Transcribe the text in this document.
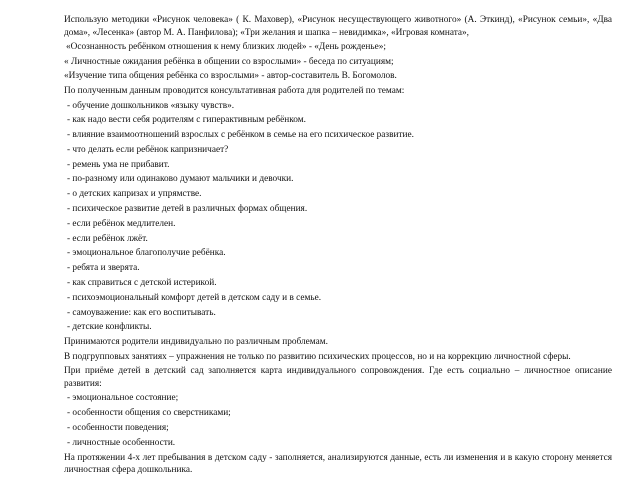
Использую методики «Рисунок человека» ( К. Маховер), «Рисунок несуществующего животного» (А. Эткинд), «Рисунок семьи», «Два дома», «Лесенка» (автор М. А. Панфилова); «Три желания и шапка – невидимка», «Игровая комната»,

«Осознанность ребёнком отношения к нему близких людей» - «День рожденье»;

« Личностные ожидания ребёнка в общении со взрослыми» - беседа по ситуациям;

«Изучение типа общения ребёнка со взрослыми» - автор-составитель В. Богомолов.

По полученным данным проводится консультативная работа для родителей по темам:

- обучение дошкольников «языку чувств».
- как надо вести себя родителям с гиперактивным ребёнком.
- влияние взаимоотношений взрослых с ребёнком в семье на его психическое развитие.
- что делать если ребёнок капризничает?
- ремень ума не прибавит.
- по-разному или одинаково думают мальчики и девочки.
- о детских капризах и упрямстве.
- психическое развитие детей в различных формах общения.
- если ребёнок медлителен.
- если ребёнок лжёт.
- эмоциональное благополучие ребёнка.
- ребята и зверята.
- как справиться с детской истерикой.
- психоэмоциональный комфорт детей в детском саду и в семье.
- самоуважение: как его воспитывать.
- детские конфликты.

Принимаются родители индивидуально по различным проблемам.

В подгрупповых занятиях – упражнения не только по развитию психических процессов, но и на коррекцию личностной сферы.

При приёме детей в детский сад заполняется карта индивидуального сопровождения. Где есть социально – личностное описание развития:

- эмоциональное состояние;
- особенности общения со сверстниками;
- особенности поведения;
- личностные особенности.

На протяжении 4-х лет пребывания в детском саду - заполняется, анализируются данные, есть ли изменения и в какую сторону меняется личностная сфера дошкольника.
